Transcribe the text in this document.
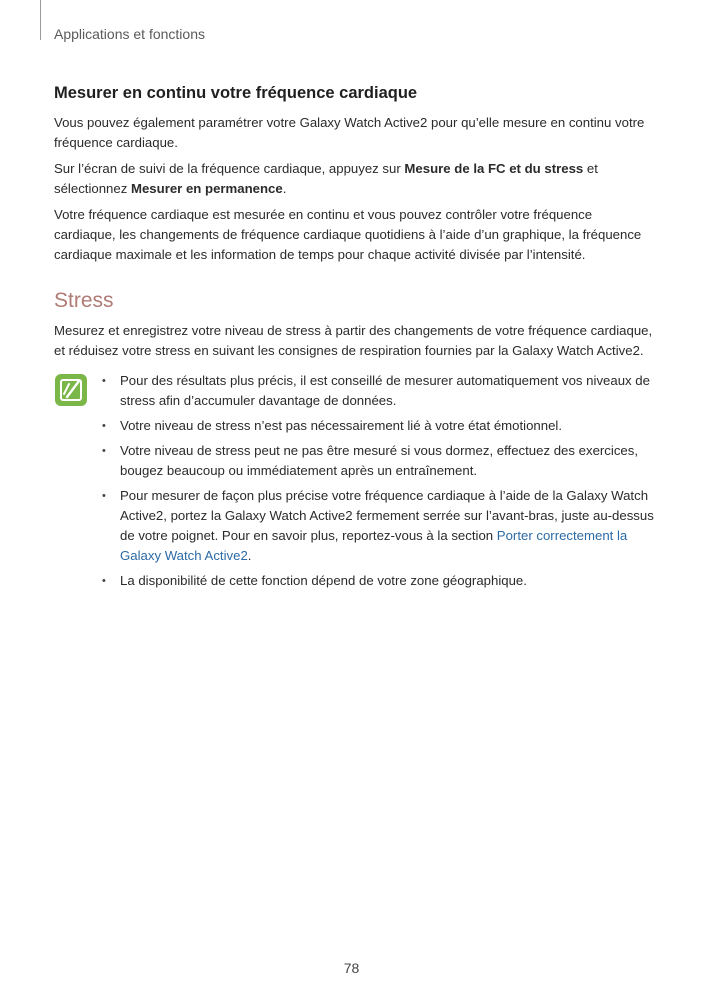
Applications et fonctions
Mesurer en continu votre fréquence cardiaque

Vous pouvez également paramétrer votre Galaxy Watch Active2 pour qu’elle mesure en continu votre fréquence cardiaque.

Sur l’écran de suivi de la fréquence cardiaque, appuyez sur Mesure de la FC et du stress et sélectionnez Mesurer en permanence.

Votre fréquence cardiaque est mesurée en continu et vous pouvez contrôler votre fréquence cardiaque, les changements de fréquence cardiaque quotidiens à l’aide d’un graphique, la fréquence cardiaque maximale et les information de temps pour chaque activité divisée par l’intensité.

Stress

Mesurez et enregistrez votre niveau de stress à partir des changements de votre fréquence cardiaque, et réduisez votre stress en suivant les consignes de respiration fournies par la Galaxy Watch Active2.

• Pour des résultats plus précis, il est conseillé de mesurer automatiquement vos niveaux de stress afin d’accumuler davantage de données.
• Votre niveau de stress n’est pas nécessairement lié à votre état émotionnel.
• Votre niveau de stress peut ne pas être mesuré si vous dormez, effectuez des exercices, bougez beaucoup ou immédiatement après un entraînement.
• Pour mesurer de façon plus précise votre fréquence cardiaque à l’aide de la Galaxy Watch Active2, portez la Galaxy Watch Active2 fermement serrée sur l’avant-bras, juste au-dessus de votre poignet. Pour en savoir plus, reportez-vous à la section Porter correctement la Galaxy Watch Active2.
• La disponibilité de cette fonction dépend de votre zone géographique.
78
